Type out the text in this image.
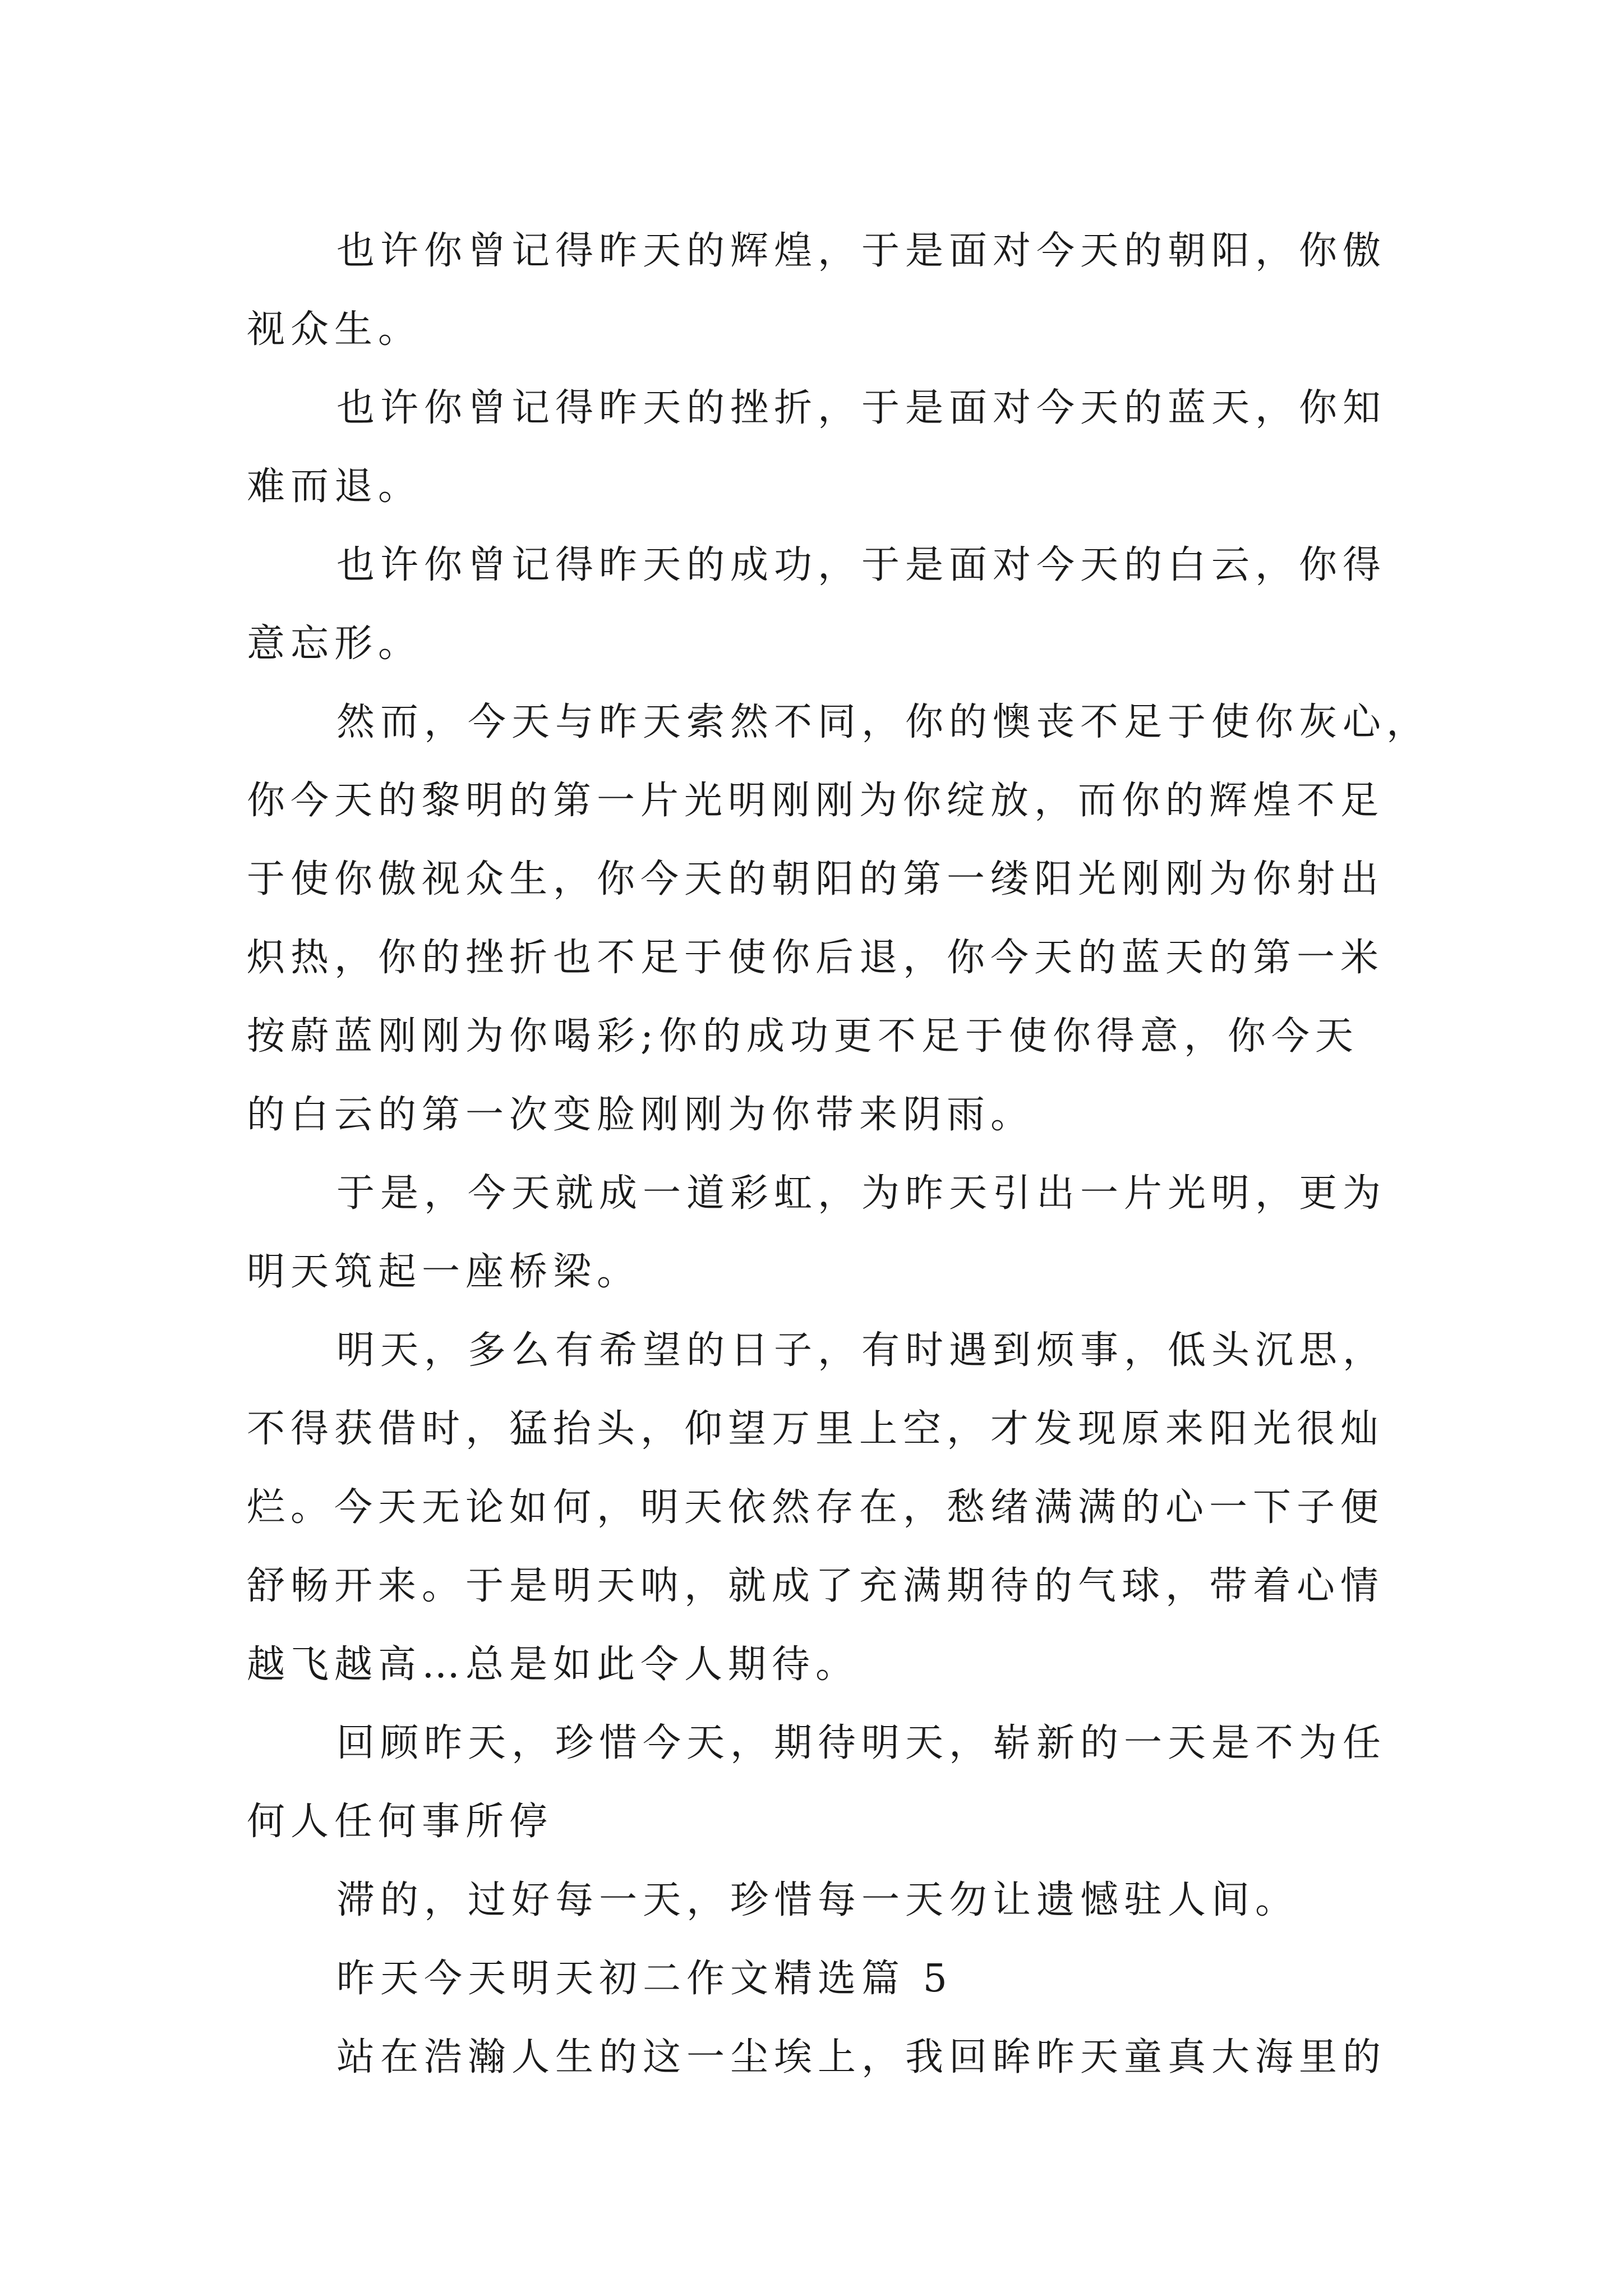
也许你曾记得昨天的辉煌，于是面对今天的朝阳，你傲
视众生。
也许你曾记得昨天的挫折，于是面对今天的蓝天，你知
难而退。
也许你曾记得昨天的成功，于是面对今天的白云，你得
意忘形。
然而，今天与昨天索然不同，你的懊丧不足于使你灰心，
你今天的黎明的第一片光明刚刚为你绽放，而你的辉煌不足
于使你傲视众生，你今天的朝阳的第一缕阳光刚刚为你射出
炽热，你的挫折也不足于使你后退，你今天的蓝天的第一米
按蔚蓝刚刚为你喝彩;你的成功更不足于使你得意，你今天
的白云的第一次变脸刚刚为你带来阴雨。
于是，今天就成一道彩虹，为昨天引出一片光明，更为
明天筑起一座桥梁。
明天，多么有希望的日子，有时遇到烦事，低头沉思，
不得获借时，猛抬头，仰望万里上空，才发现原来阳光很灿
烂。今天无论如何，明天依然存在，愁绪满满的心一下子便
舒畅开来。于是明天呐，就成了充满期待的气球，带着心情
越飞越高…总是如此令人期待。
回顾昨天，珍惜今天，期待明天，崭新的一天是不为任
何人任何事所停
滞的，过好每一天，珍惜每一天勿让遗憾驻人间。
昨天今天明天初二作文精选篇 5
站在浩瀚人生的这一尘埃上，我回眸昨天童真大海里的
